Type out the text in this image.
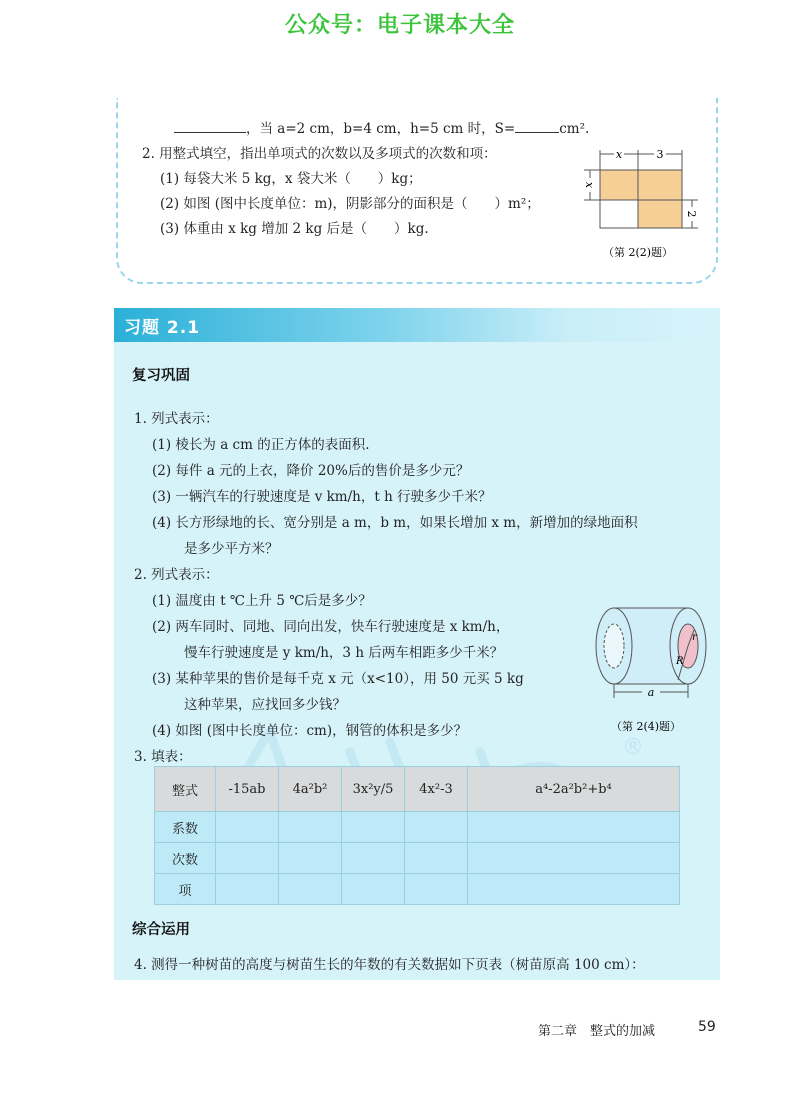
公众号：电子课本大全
，当 a=2 cm，b=4 cm，h=5 cm 时，S=	cm².
2. 用整式填空，指出单项式的次数以及多项式的次数和项：
(1) 每袋大米 5 kg，x 袋大米（　　）kg；
(2) 如图 (图中长度单位：m)，阴影部分的面积是（　　）m²；
(3) 体重由 x kg 增加 2 kg 后是（　　）kg.
x	3
x
2
（第 2(2)题）
习题 2.1
®
复习巩固
1. 列式表示：
(1) 棱长为 a cm 的正方体的表面积.
(2) 每件 a 元的上衣，降价 20%后的售价是多少元？
(3) 一辆汽车的行驶速度是 v km/h，t h 行驶多少千米？
(4) 长方形绿地的长、宽分别是 a m，b m，如果长增加 x m，新增加的绿地面积
是多少平方米？
2. 列式表示：
(1) 温度由 t ℃上升 5 ℃后是多少？
(2) 两车同时、同地、同向出发，快车行驶速度是 x km/h，
慢车行驶速度是 y km/h，3 h 后两车相距多少千米？
(3) 某种苹果的售价是每千克 x 元（x<10），用 50 元买 5 kg
这种苹果，应找回多少钱？
(4) 如图 (图中长度单位：cm)，钢管的体积是多少？
r
R
a
（第 2(4)题）
3. 填表：
整式	-15ab	4a²b²	3x²y/5	4x²-3	a⁴-2a²b²+b⁴
系数					
次数					
项					
综合运用
4. 测得一种树苗的高度与树苗生长的年数的有关数据如下页表（树苗原高 100 cm）：
第二章　整式的加减	59
